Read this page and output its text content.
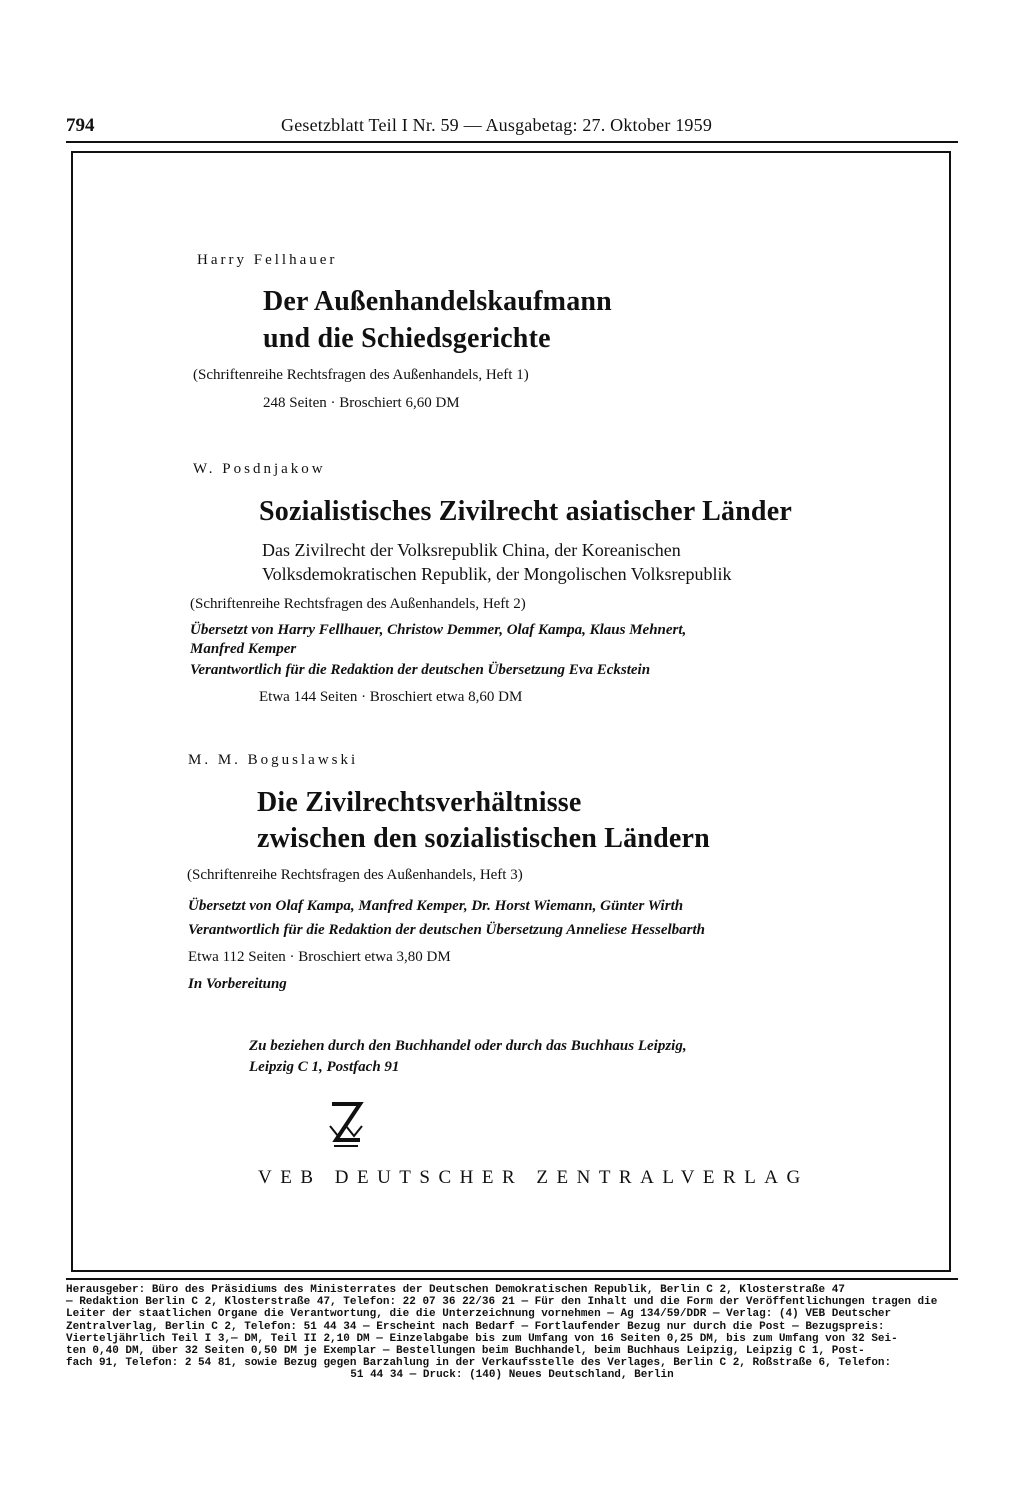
794	Gesetzblatt Teil I Nr. 59 — Ausgabetag: 27. Oktober 1959
Harry Fellhauer
Der Außenhandelskaufmann
und die Schiedsgerichte
(Schriftenreihe Rechtsfragen des Außenhandels, Heft 1)
248 Seiten · Broschiert 6,60 DM
W. Posdnjakow
Sozialistisches Zivilrecht asiatischer Länder
Das Zivilrecht der Volksrepublik China, der Koreanischen
Volksdemokratischen Republik, der Mongolischen Volksrepublik
(Schriftenreihe Rechtsfragen des Außenhandels, Heft 2)
Übersetzt von Harry Fellhauer, Christow Demmer, Olaf Kampa, Klaus Mehnert,
Manfred Kemper
Verantwortlich für die Redaktion der deutschen Übersetzung Eva Eckstein
Etwa 144 Seiten · Broschiert etwa 8,60 DM
M. M. Boguslawski
Die Zivilrechtsverhältnisse
zwischen den sozialistischen Ländern
(Schriftenreihe Rechtsfragen des Außenhandels, Heft 3)
Übersetzt von Olaf Kampa, Manfred Kemper, Dr. Horst Wiemann, Günter Wirth
Verantwortlich für die Redaktion der deutschen Übersetzung Anneliese Hesselbarth
Etwa 112 Seiten · Broschiert etwa 3,80 DM
In Vorbereitung
Zu beziehen durch den Buchhandel oder durch das Buchhaus Leipzig,
Leipzig C 1, Postfach 91
VEB DEUTSCHER ZENTRALVERLAG
Herausgeber: Büro des Präsidiums des Ministerrates der Deutschen Demokratischen Republik, Berlin C 2, Klosterstraße 47
— Redaktion Berlin C 2, Klosterstraße 47, Telefon: 22 07 36 22/36 21 — Für den Inhalt und die Form der Veröffentlichungen tragen die
Leiter der staatlichen Organe die Verantwortung, die die Unterzeichnung vornehmen — Ag 134/59/DDR — Verlag: (4) VEB Deutscher
Zentralverlag, Berlin C 2, Telefon: 51 44 34 — Erscheint nach Bedarf — Fortlaufender Bezug nur durch die Post — Bezugspreis:
Vierteljährlich Teil I 3,— DM, Teil II 2,10 DM — Einzelabgabe bis zum Umfang von 16 Seiten 0,25 DM, bis zum Umfang von 32 Sei-
ten 0,40 DM, über 32 Seiten 0,50 DM je Exemplar — Bestellungen beim Buchhandel, beim Buchhaus Leipzig, Leipzig C 1, Post-
fach 91, Telefon: 2 54 81, sowie Bezug gegen Barzahlung in der Verkaufsstelle des Verlages, Berlin C 2, Roßstraße 6, Telefon:
51 44 34 — Druck: (140) Neues Deutschland, Berlin
